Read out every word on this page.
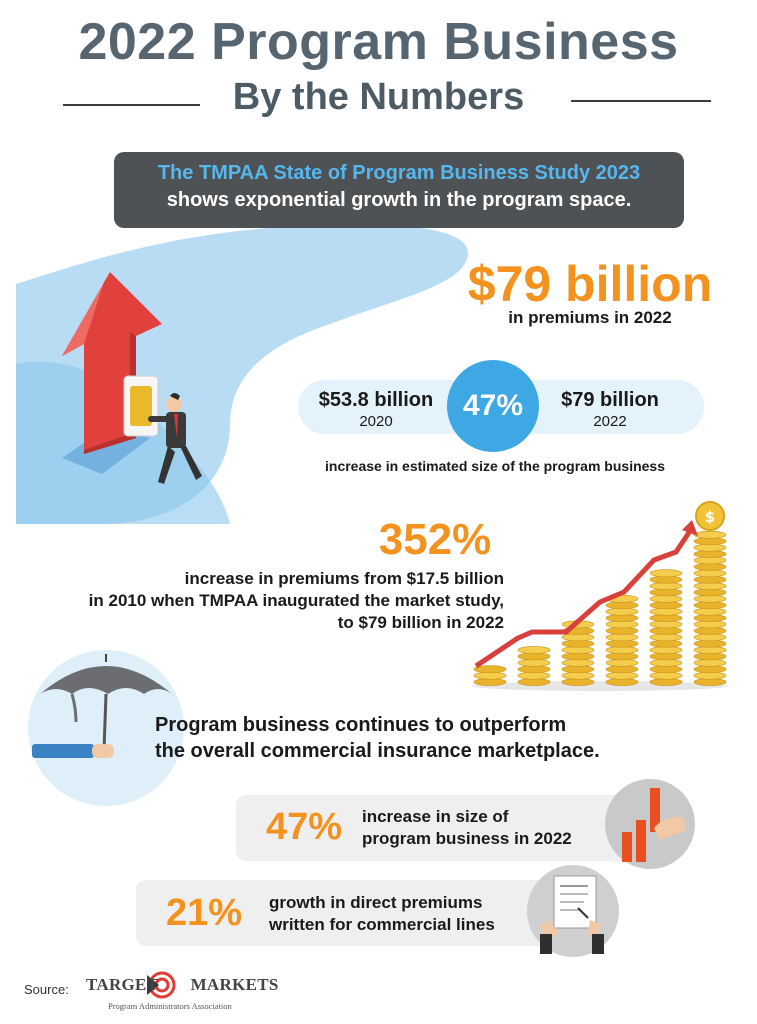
2022 Program Business
By the Numbers
The TMPAA State of Program Business Study 2023
shows exponential growth in the program space.
$79 billion
in premiums in 2022
$53.8 billion
2020
$79 billion
2022
47%
increase in estimated size of the program business
352%
increase in premiums from $17.5 billion
in 2010 when TMPAA inaugurated the market study,
to $79 billion in 2022
$
Program business continues to outperform
the overall commercial insurance marketplace.
47%	increase in size of
program business in 2022
21%	growth in direct premiums
written for commercial lines
Source: TARGET MARKETS
Program Administrators Association
